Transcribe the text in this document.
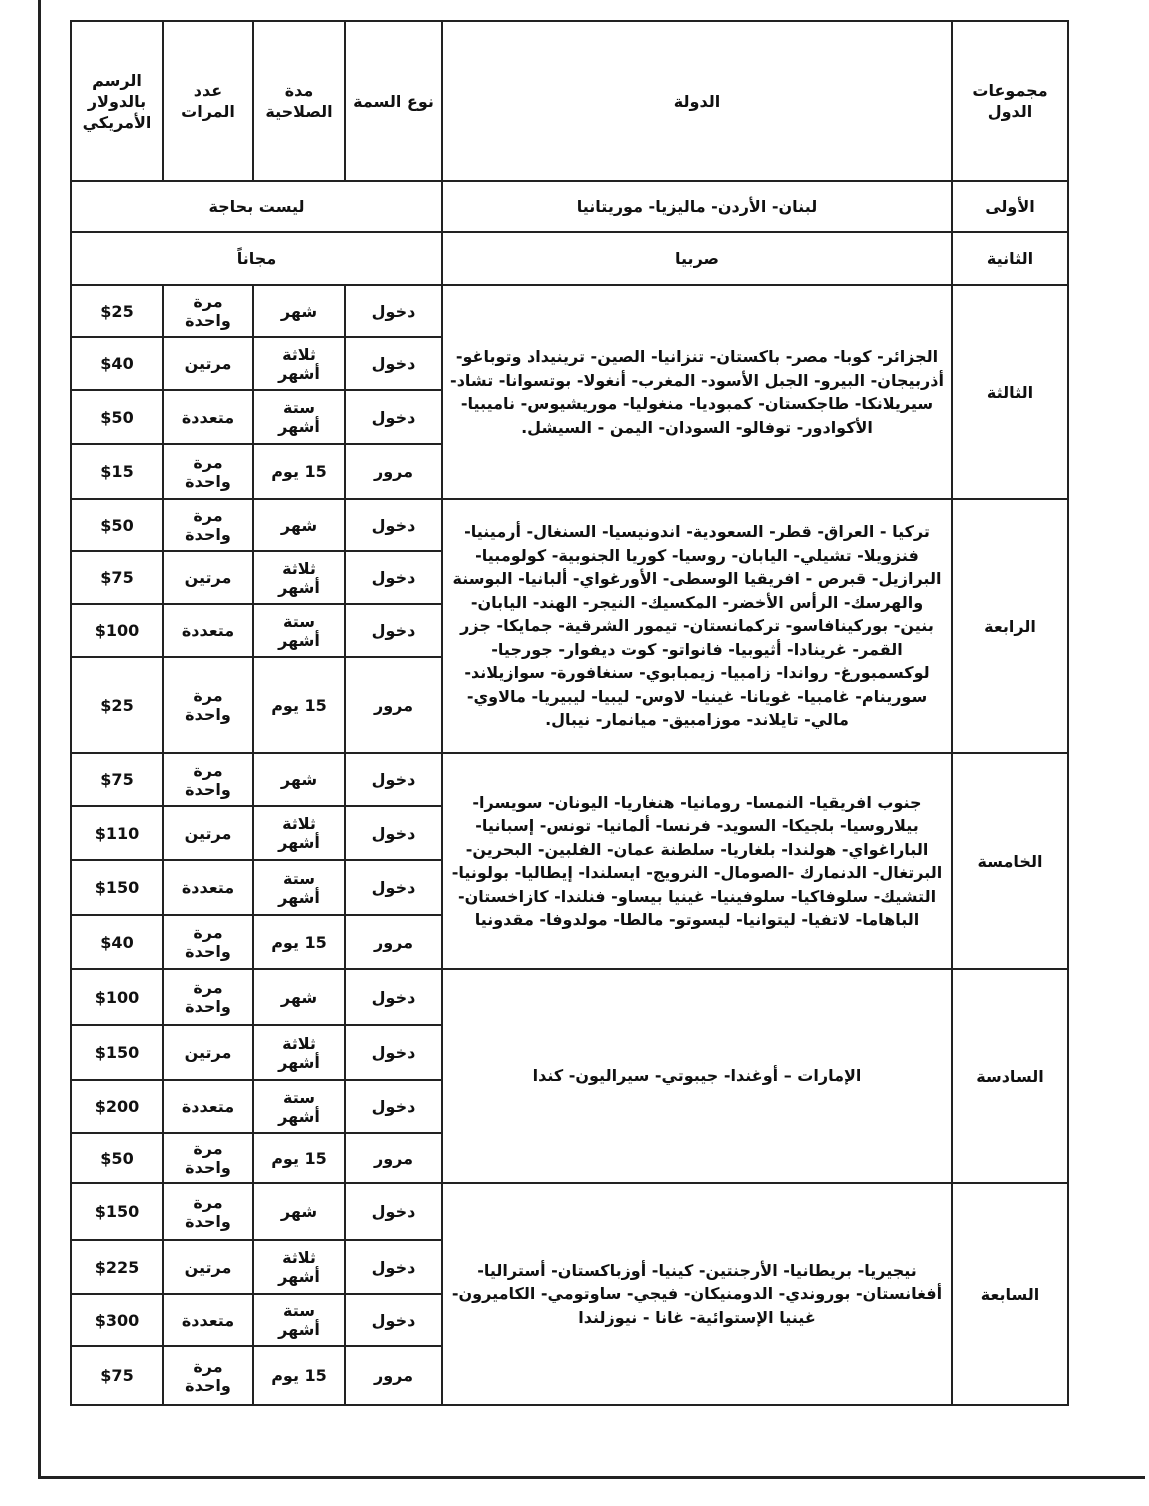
مجموعات الدول	الدولة	نوع السمة	مدة الصلاحية	عدد المرات	الرسم بالدولار الأمريكي
الأولى	لبنان- الأردن- ماليزيا- موريتانيا	ليست بحاجة			
الثانية	صربيا	مجاناً			
الثالثة	الجزائر- كوبا- مصر- باكستان- تنزانيا- الصين- ترينيداد وتوباغو- أذربيجان- البيرو- الجبل الأسود- المغرب- أنغولا- بوتسوانا- تشاد- سيريلانكا- طاجكستان- كمبوديا- منغوليا- موريشيوس- ناميبيا- الأكوادور- توفالو- السودان- اليمن - السيشل.	دخول	شهر	مرة واحدة	$25
		دخول	ثلاثة أشهر	مرتين	$40
		دخول	ستة أشهر	متعددة	$50
		مرور	15 يوم	مرة واحدة	$15
الرابعة	تركيا - العراق- قطر- السعودية- اندونيسيا- السنغال- أرمينيا- فنزويلا- تشيلي- اليابان- روسيا- كوريا الجنوبية- كولومبيا- البرازيل- قبرص - افريقيا الوسطى- الأورغواي- ألبانيا- البوسنة والهرسك- الرأس الأخضر- المكسيك- النيجر- الهند- اليابان- بنين- بوركينافاسو- تركمانستان- تيمور الشرقية- جمايكا- جزر القمر- غرينادا- أثيوبيا- فانواتو- كوت ديفوار- جورجيا- لوكسمبورغ- رواندا- زامبيا- زيمبابوي- سنغافورة- سوازيلاند- سورينام- غامبيا- غويانا- غينيا- لاوس- ليبيا- ليبيريا- مالاوي- مالي- تايلاند- موزامبيق- ميانمار- نيبال.	دخول	شهر	مرة واحدة	$50
		دخول	ثلاثة أشهر	مرتين	$75
		دخول	ستة أشهر	متعددة	$100
		مرور	15 يوم	مرة واحدة	$25
الخامسة	جنوب افريقيا- النمسا- رومانيا- هنغاريا- اليونان- سويسرا- بيلاروسيا- بلجيكا- السويد- فرنسا- ألمانيا- تونس- إسبانيا- الباراغواي- هولندا- بلغاريا- سلطنة عمان- الفلبين- البحرين- البرتغال- الدنمارك -الصومال- النرويج- ايسلندا- إيطاليا- بولونيا- التشيك- سلوفاكيا- سلوفينيا- غينيا بيساو- فنلندا- كازاخستان- الباهاما- لاتفيا- ليتوانيا- ليسوتو- مالطا- مولدوفا- مقدونيا	دخول	شهر	مرة واحدة	$75
		دخول	ثلاثة أشهر	مرتين	$110
		دخول	ستة أشهر	متعددة	$150
		مرور	15 يوم	مرة واحدة	$40
السادسة	الإمارات – أوغندا- جيبوتي- سيراليون- كندا	دخول	شهر	مرة واحدة	$100
		دخول	ثلاثة أشهر	مرتين	$150
		دخول	ستة أشهر	متعددة	$200
		مرور	15 يوم	مرة واحدة	$50
السابعة	نيجيريا- بريطانيا- الأرجنتين- كينيا- أوزباكستان- أستراليا- أفغانستان- بوروندي- الدومنيكان- فيجي- ساوتومي- الكاميرون- غينيا الإستوائية- غانا - نيوزلندا	دخول	شهر	مرة واحدة	$150
		دخول	ثلاثة أشهر	مرتين	$225
		دخول	ستة أشهر	متعددة	$300
		مرور	15 يوم	مرة واحدة	$75
